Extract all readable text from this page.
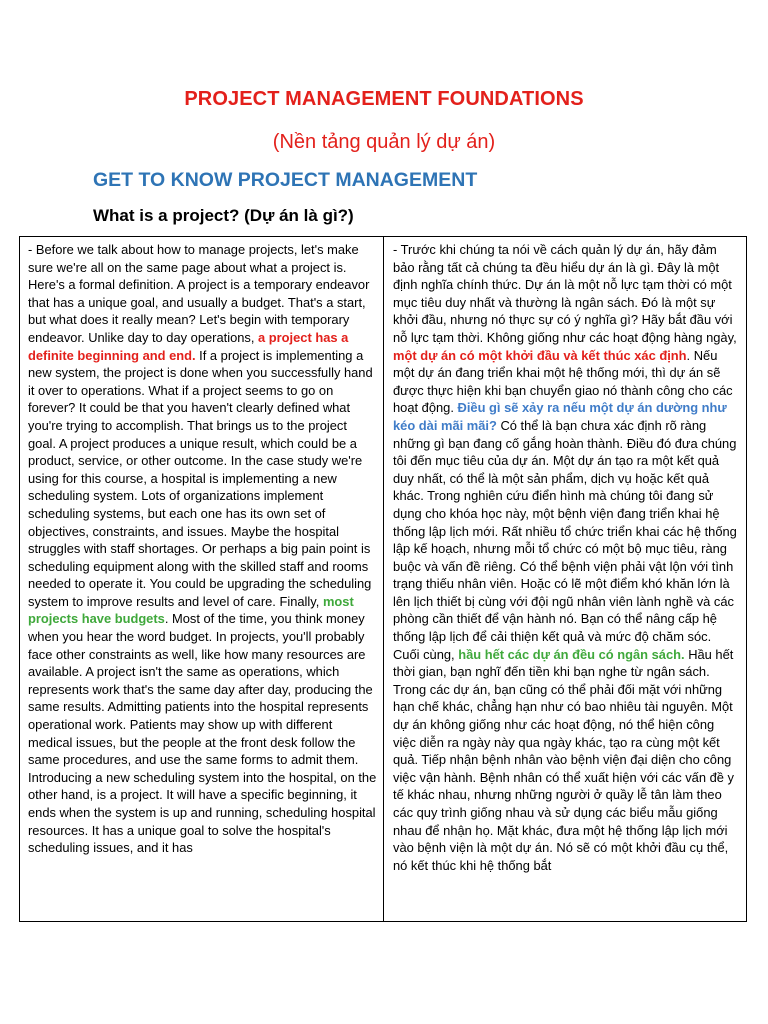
PROJECT MANAGEMENT FOUNDATIONS
(Nền tảng quản lý dự án)
GET TO KNOW PROJECT MANAGEMENT
What is a project? (Dự án là gì?)

- Before we talk about how to manage projects, let's make sure we're all on the same page about what a project is. Here's a formal definition. A project is a temporary endeavor that has a unique goal, and usually a budget. That's a start, but what does it really mean? Let's begin with temporary endeavor. Unlike day to day operations, a project has a definite beginning and end. If a project is implementing a new system, the project is done when you successfully hand it over to operations. What if a project seems to go on forever? It could be that you haven't clearly defined what you're trying to accomplish. That brings us to the project goal. A project produces a unique result, which could be a product, service, or other outcome. In the case study we're using for this course, a hospital is implementing a new scheduling system. Lots of organizations implement scheduling systems, but each one has its own set of objectives, constraints, and issues. Maybe the hospital struggles with staff shortages. Or perhaps a big pain point is scheduling equipment along with the skilled staff and rooms needed to operate it. You could be upgrading the scheduling system to improve results and level of care. Finally, most projects have budgets. Most of the time, you think money when you hear the word budget. In projects, you'll probably face other constraints as well, like how many resources are available. A project isn't the same as operations, which represents work that's the same day after day, producing the same results. Admitting patients into the hospital represents operational work. Patients may show up with different medical issues, but the people at the front desk follow the same procedures, and use the same forms to admit them. Introducing a new scheduling system into the hospital, on the other hand, is a project. It will have a specific beginning, it ends when the system is up and running, scheduling hospital resources. It has a unique goal to solve the hospital's scheduling issues, and it has

- Trước khi chúng ta nói về cách quản lý dự án, hãy đảm bảo rằng tất cả chúng ta đều hiểu dự án là gì. Đây là một định nghĩa chính thức. Dự án là một nỗ lực tạm thời có một mục tiêu duy nhất và thường là ngân sách. Đó là một sự khởi đầu, nhưng nó thực sự có ý nghĩa gì? Hãy bắt đầu với nỗ lực tạm thời. Không giống như các hoạt động hàng ngày, một dự án có một khởi đầu và kết thúc xác định. Nếu một dự án đang triển khai một hệ thống mới, thì dự án sẽ được thực hiện khi bạn chuyển giao nó thành công cho các hoạt động. Điều gì sẽ xảy ra nếu một dự án dường như kéo dài mãi mãi? Có thể là bạn chưa xác định rõ ràng những gì bạn đang cố gắng hoàn thành. Điều đó đưa chúng tôi đến mục tiêu của dự án. Một dự án tạo ra một kết quả duy nhất, có thể là một sản phẩm, dịch vụ hoặc kết quả khác. Trong nghiên cứu điển hình mà chúng tôi đang sử dụng cho khóa học này, một bệnh viện đang triển khai hệ thống lập lịch mới. Rất nhiều tổ chức triển khai các hệ thống lập kế hoạch, nhưng mỗi tổ chức có một bộ mục tiêu, ràng buộc và vấn đề riêng. Có thể bệnh viện phải vật lộn với tình trạng thiếu nhân viên. Hoặc có lẽ một điểm khó khăn lớn là lên lịch thiết bị cùng với đội ngũ nhân viên lành nghề và các phòng cần thiết để vận hành nó. Bạn có thể nâng cấp hệ thống lập lịch để cải thiện kết quả và mức độ chăm sóc. Cuối cùng, hầu hết các dự án đều có ngân sách. Hầu hết thời gian, bạn nghĩ đến tiền khi bạn nghe từ ngân sách. Trong các dự án, bạn cũng có thể phải đối mặt với những hạn chế khác, chẳng hạn như có bao nhiêu tài nguyên. Một dự án không giống như các hoạt động, nó thể hiện công việc diễn ra ngày này qua ngày khác, tạo ra cùng một kết quả. Tiếp nhận bệnh nhân vào bệnh viện đại diện cho công việc vận hành. Bệnh nhân có thể xuất hiện với các vấn đề y tế khác nhau, nhưng những người ở quầy lễ tân làm theo các quy trình giống nhau và sử dụng các biểu mẫu giống nhau để nhận họ. Mặt khác, đưa một hệ thống lập lịch mới vào bệnh viện là một dự án. Nó sẽ có một khởi đầu cụ thể, nó kết thúc khi hệ thống bắt
